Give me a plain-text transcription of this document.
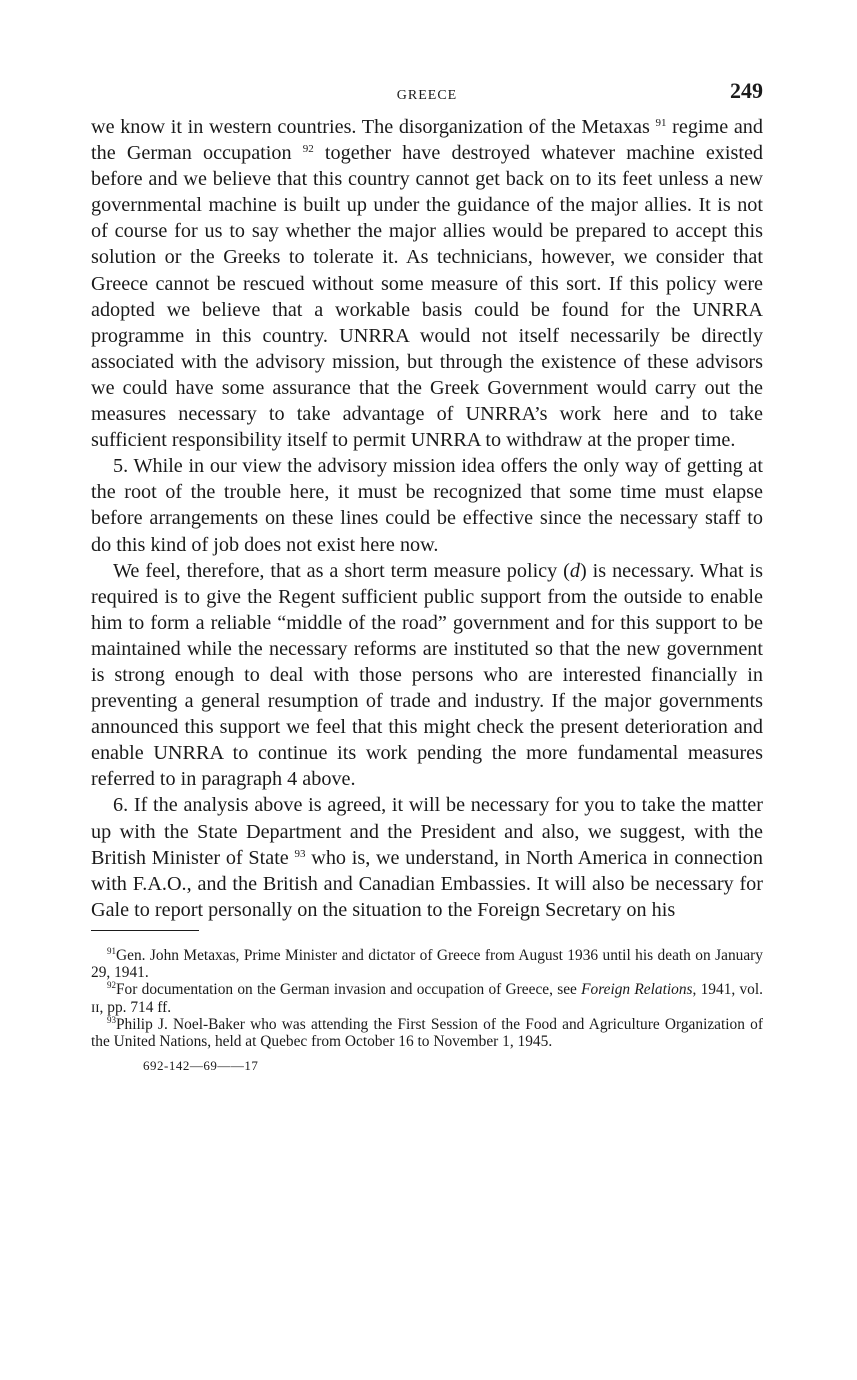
GREECE	249

we know it in western countries. The disorganization of the Metaxas $^{91}$ regime and the German occupation $^{92}$ together have destroyed whatever machine existed before and we believe that this country cannot get back on to its feet unless a new governmental machine is built up under the guidance of the major allies. It is not of course for us to say whether the major allies would be prepared to accept this solution or the Greeks to tolerate it. As technicians, however, we consider that Greece cannot be rescued without some measure of this sort. If this policy were adopted we believe that a workable basis could be found for the UNRRA programme in this country. UNRRA would not itself necessarily be directly associated with the advisory mission, but through the existence of these advisors we could have some assurance that the Greek Government would carry out the measures necessary to take advantage of UNRRA’s work here and to take sufficient responsibility itself to permit UNRRA to withdraw at the proper time.

5. While in our view the advisory mission idea offers the only way of getting at the root of the trouble here, it must be recognized that some time must elapse before arrangements on these lines could be effective since the necessary staff to do this kind of job does not exist here now.

We feel, therefore, that as a short term measure policy (d) is necessary. What is required is to give the Regent sufficient public support from the outside to enable him to form a reliable “middle of the road” government and for this support to be maintained while the necessary reforms are instituted so that the new government is strong enough to deal with those persons who are interested financially in preventing a general resumption of trade and industry. If the major governments announced this support we feel that this might check the present deterioration and enable UNRRA to continue its work pending the more fundamental measures referred to in paragraph 4 above.

6. If the analysis above is agreed, it will be necessary for you to take the matter up with the State Department and the President and also, we suggest, with the British Minister of State $^{93}$ who is, we understand, in North America in connection with F.A.O., and the British and Canadian Embassies. It will also be necessary for Gale to report personally on the situation to the Foreign Secretary on his

$^{91}$Gen. John Metaxas, Prime Minister and dictator of Greece from August 1936 until his death on January 29, 1941.

$^{92}$For documentation on the German invasion and occupation of Greece, see Foreign Relations, 1941, vol. ɪɪ, pp. 714 ff.

$^{93}$Philip J. Noel-Baker who was attending the First Session of the Food and Agriculture Organization of the United Nations, held at Quebec from October 16 to November 1, 1945.

692-142—69——17
